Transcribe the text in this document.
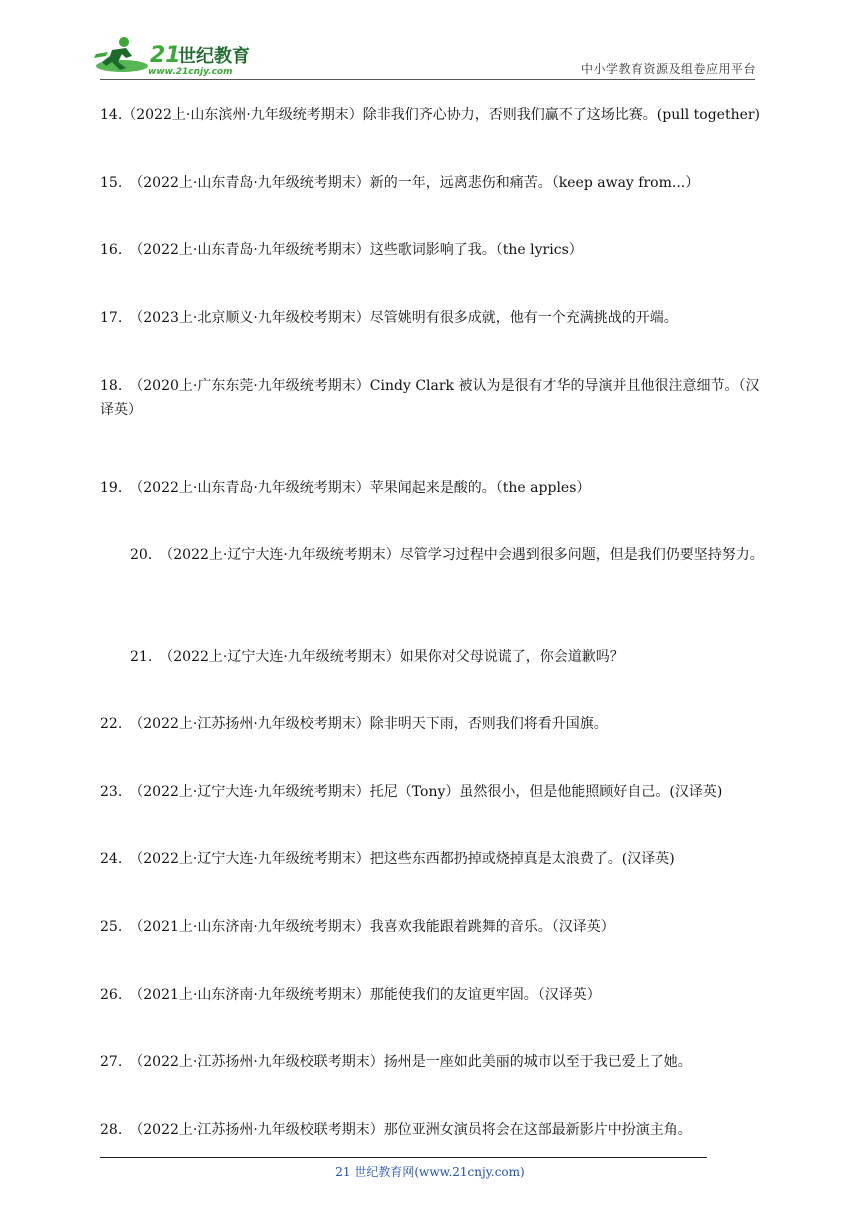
21
世纪教育
www.21cnjy.com	中小学教育资源及组卷应用平台
14.（2022上·山东滨州·九年级统考期末）除非我们齐心协力，否则我们赢不了这场比赛。(pull together)
15.　（2022上·山东青岛·九年级统考期末）新的一年，远离悲伤和痛苦。（keep away from...）
16.　（2022上·山东青岛·九年级统考期末）这些歌词影响了我。（the lyrics）
17.　（2023上·北京顺义·九年级校考期末）尽管姚明有很多成就，他有一个充满挑战的开端。
18.　（2020上·广东东莞·九年级统考期末）Cindy Clark 被认为是很有才华的导演并且他很注意细节。（汉译英）
19.　（2022上·山东青岛·九年级统考期末）苹果闻起来是酸的。（the apples）
20.　（2022上·辽宁大连·九年级统考期末）尽管学习过程中会遇到很多问题，但是我们仍要坚持努力。
21.　（2022上·辽宁大连·九年级统考期末）如果你对父母说谎了，你会道歉吗？
22.　（2022上·江苏扬州·九年级校考期末）除非明天下雨，否则我们将看升国旗。
23.　（2022上·辽宁大连·九年级统考期末）托尼（Tony）虽然很小，但是他能照顾好自己。(汉译英)
24.　（2022上·辽宁大连·九年级统考期末）把这些东西都扔掉或烧掉真是太浪费了。(汉译英)
25.　（2021上·山东济南·九年级统考期末）我喜欢我能跟着跳舞的音乐。（汉译英）
26.　（2021上·山东济南·九年级统考期末）那能使我们的友谊更牢固。（汉译英）
27.　（2022上·江苏扬州·九年级校联考期末）扬州是一座如此美丽的城市以至于我已爱上了她。
28.　（2022上·江苏扬州·九年级校联考期末）那位亚洲女演员将会在这部最新影片中扮演主角。
21 世纪教育网(www.21cnjy.com)
